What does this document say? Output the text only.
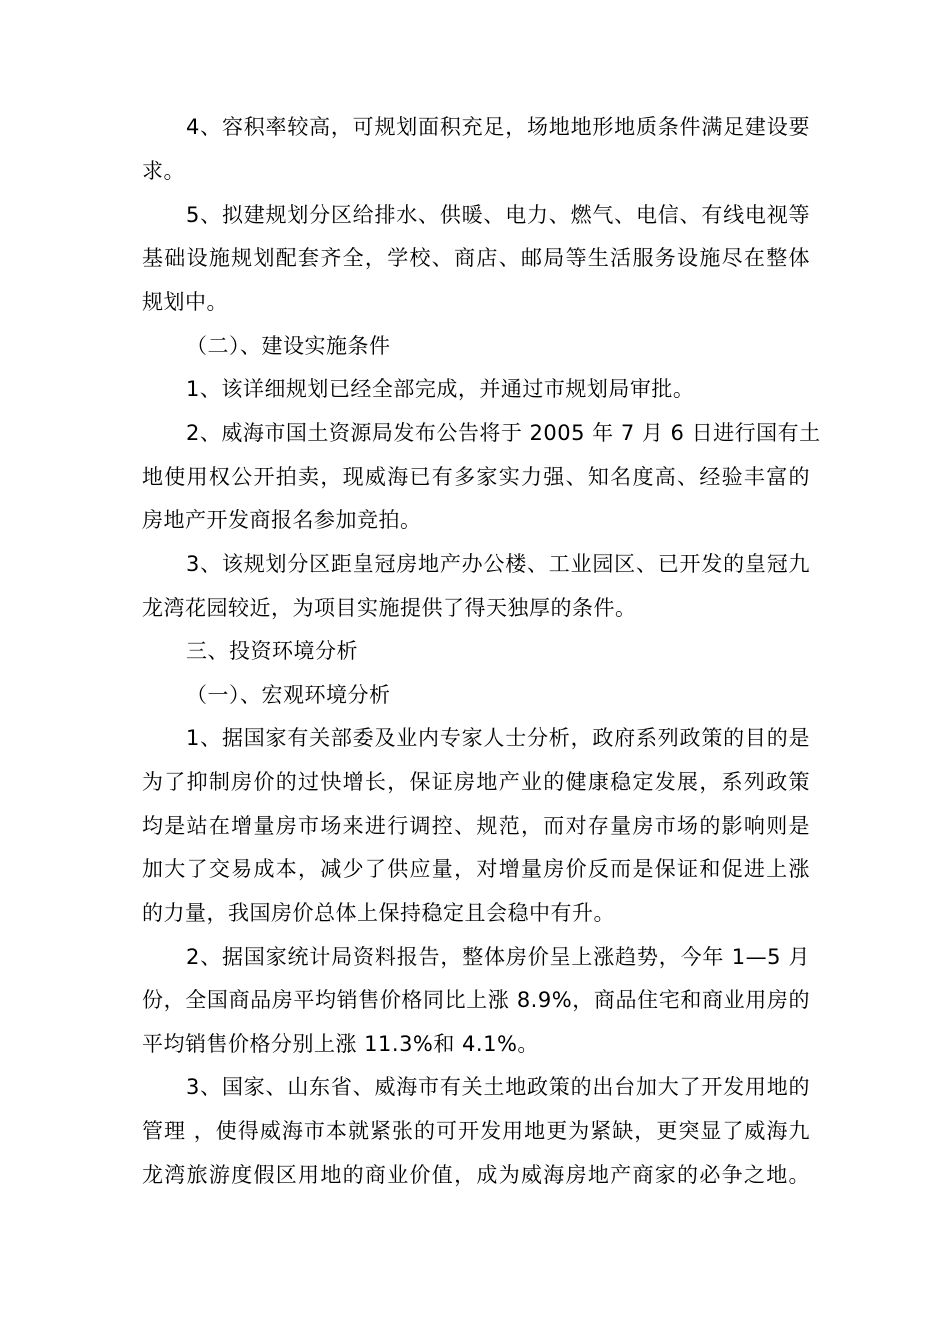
4、容积率较高，可规划面积充足，场地地形地质条件满足建设要
求。
5、拟建规划分区给排水、供暖、电力、燃气、电信、有线电视等
基础设施规划配套齐全，学校、商店、邮局等生活服务设施尽在整体
规划中。
（二）、建设实施条件
1、该详细规划已经全部完成，并通过市规划局审批。
2、威海市国土资源局发布公告将于 2005 年 7 月 6 日进行国有土
地使用权公开拍卖，现威海已有多家实力强、知名度高、经验丰富的
房地产开发商报名参加竞拍。
3、该规划分区距皇冠房地产办公楼、工业园区、已开发的皇冠九
龙湾花园较近，为项目实施提供了得天独厚的条件。
三、投资环境分析
（一）、宏观环境分析
1、据国家有关部委及业内专家人士分析，政府系列政策的目的是
为了抑制房价的过快增长，保证房地产业的健康稳定发展，系列政策
均是站在增量房市场来进行调控、规范，而对存量房市场的影响则是
加大了交易成本，减少了供应量，对增量房价反而是保证和促进上涨
的力量，我国房价总体上保持稳定且会稳中有升。
2、据国家统计局资料报告，整体房价呈上涨趋势，今年 1—5 月
份，全国商品房平均销售价格同比上涨 8.9%，商品住宅和商业用房的
平均销售价格分别上涨 11.3%和 4.1%。
3、国家、山东省、威海市有关土地政策的出台加大了开发用地的
管理 ，使得威海市本就紧张的可开发用地更为紧缺，更突显了威海九
龙湾旅游度假区用地的商业价值，成为威海房地产商家的必争之地。
